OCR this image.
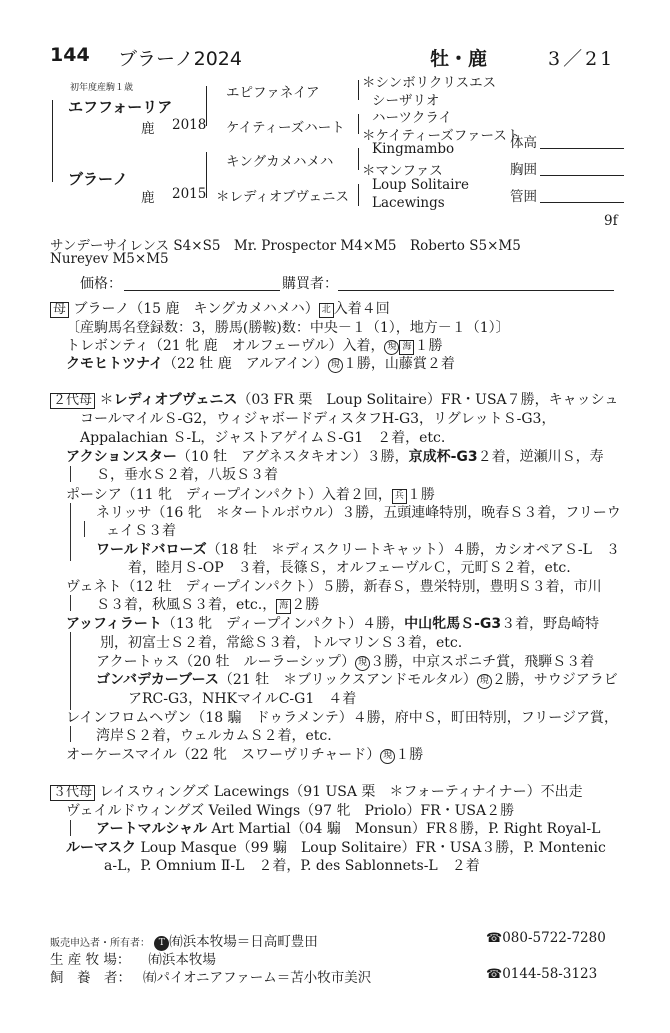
144 ブラーノ2024	牡・鹿	3／21
初年度産駒１歳
エフフォーリア
鹿 2018
ブラーノ
鹿 2015
エピファネイア
ケイティーズハート
＊シンボリクリスエス
シーザリオ
ハーツクライ
＊ケイティーズファースト
キングカメハメハ
＊レディオブヴェニス
Kingmambo
＊マンファス
Loup Solitaire
Lacewings
体高
胸囲
管囲
9f
サンデーサイレンス S4×S5　Mr. Prospector M4×M5　Roberto S5×M5
Nureyev M5×M5
価格：	購買者：
母 ブラーノ（15 鹿　キングカメハメハ） 北 入着４回
〔産駒馬名登録数：3，勝馬(勝鞍)数：中央－１（1），地方－１（1）〕
トレボンティ（21 牝 鹿　オルフェーヴル）入着， 現 海 １勝
クモヒトツナイ（22 牡 鹿　アルアイン） 現 １勝，山藤賞２着
２代母 ＊レディオブヴェニス（03 FR 栗　Loup Solitaire）FR・USA７勝，キャッシュ
コールマイルＳ-G2，ウィジャボードディスタフH-G3，リグレットＳ-G3，
Appalachian Ｓ-L，ジャストアゲイムＳ-G1　２着，etc.
アクションスター（10 牡　アグネスタキオン）３勝，京成杯-G3２着，逆瀬川Ｓ，寿
Ｓ，垂水Ｓ２着，八坂Ｓ３着
ポーシア（11 牝　ディープインパクト）入着２回， 兵 １勝
ネリッサ（16 牝　＊タートルボウル）３勝，五頭連峰特別，晩春Ｓ３着，フリーウ
ェイＳ３着
ワールドバローズ（18 牡　＊ディスクリートキャット）４勝，カシオペアＳ-L　３
着，睦月Ｓ-OP　３着，長篠Ｓ，オルフェーヴルＣ，元町Ｓ２着，etc.
ヴェネト（12 牡　ディープインパクト）５勝，新春Ｓ，豊栄特別，豊明Ｓ３着，市川
Ｓ３着，秋風Ｓ３着，etc.， 海 ２勝
アッフィラート（13 牝　ディープインパクト）４勝，中山牝馬Ｓ-G3３着，野島崎特
別，初富士Ｓ２着，常総Ｓ３着，トルマリンＳ３着，etc.
アクートゥス（20 牡　ルーラーシップ） 現 ３勝，中京スポニチ賞，飛騨Ｓ３着
ゴンバデカーブース（21 牡　＊ブリックスアンドモルタル） 現 ２勝，サウジアラビ
アRC-G3，NHKマイルC-G1　４着
レインフロムヘヴン（18 騸　ドゥラメンテ）４勝，府中Ｓ，町田特別，フリージア賞，
湾岸Ｓ２着，ウェルカムＳ２着，etc.
オーケースマイル（22 牝　スワーヴリチャード） 現 １勝
３代母 レイスウィングズ Lacewings（91 USA 栗　＊フォーティナイナー）不出走
ヴェイルドウィングズ Veiled Wings（97 牝　Priolo）FR・USA２勝
アートマルシャル Art Martial（04 騸　Monsun）FR８勝，P. Right Royal-L
ルーマスク Loup Masque（99 騸　Loup Solitaire）FR・USA３勝，P. Montenic
a-L，P. Omnium Ⅱ-L　２着，P. des Sablonnets-L　２着
販売申込者・所有者： T ㈲浜本牧場＝日高町豊田	☎080-5722-7280
生 産 牧 場： ㈲浜本牧場
飼　養　者： ㈲パイオニアファーム＝苫小牧市美沢	☎0144-58-3123
